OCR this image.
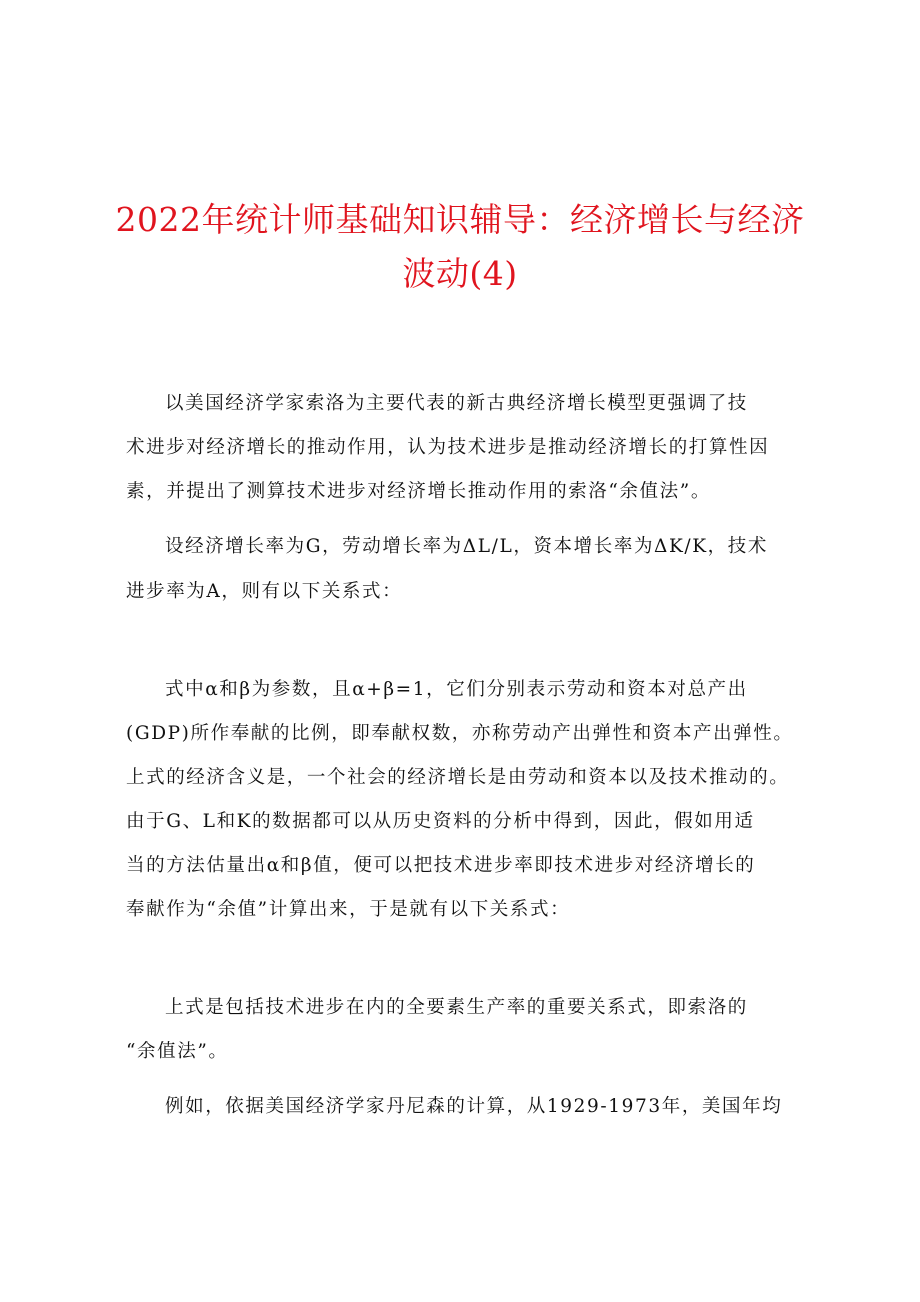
2022年统计师基础知识辅导：经济增长与经济
波动(4)
以美国经济学家索洛为主要代表的新古典经济增长模型更强调了技
术进步对经济增长的推动作用，认为技术进步是推动经济增长的打算性因
素，并提出了测算技术进步对经济增长推动作用的索洛“余值法”。
设经济增长率为G，劳动增长率为ΔL/L，资本增长率为ΔK/K，技术
进步率为A，则有以下关系式：
式中α和β为参数，且α+β=1，它们分别表示劳动和资本对总产出
(GDP)所作奉献的比例，即奉献权数，亦称劳动产出弹性和资本产出弹性。
上式的经济含义是，一个社会的经济增长是由劳动和资本以及技术推动的。
由于G、L和K的数据都可以从历史资料的分析中得到，因此，假如用适
当的方法估量出α和β值，便可以把技术进步率即技术进步对经济增长的
奉献作为“余值”计算出来，于是就有以下关系式：
上式是包括技术进步在内的全要素生产率的重要关系式，即索洛的
“余值法”。
例如，依据美国经济学家丹尼森的计算，从1929-1973年，美国年均
